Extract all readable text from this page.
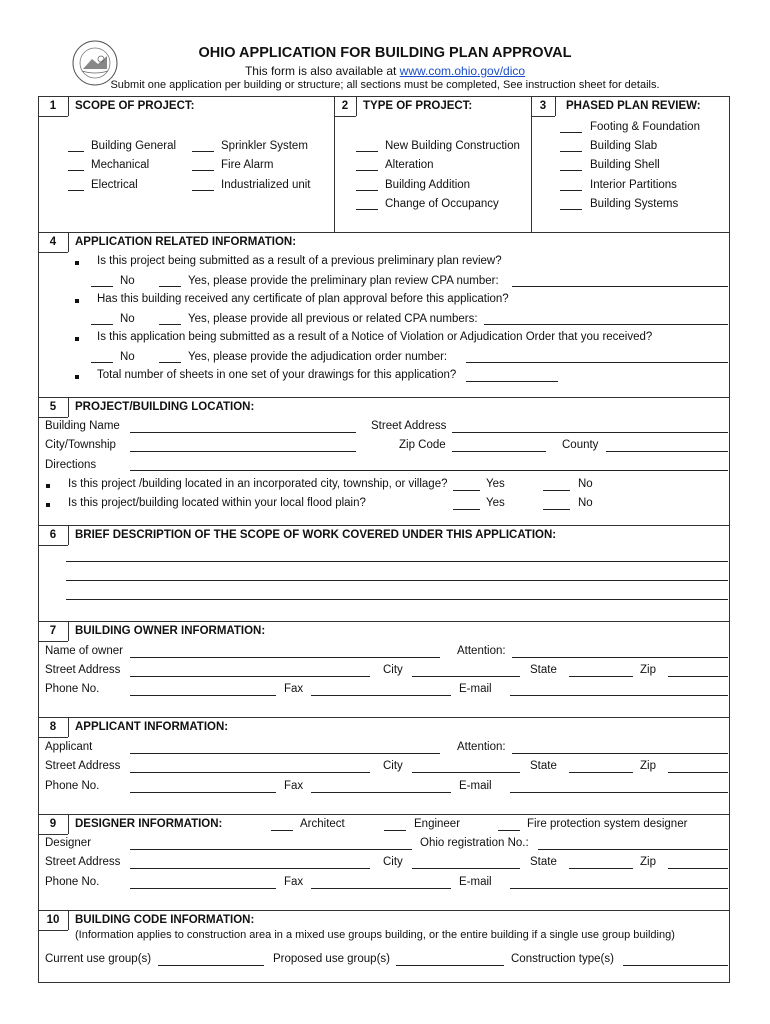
OHIO APPLICATION FOR BUILDING PLAN APPROVAL
This form is also available at www.com.ohio.gov/dico
Submit one application per building or structure; all sections must be completed, See instruction sheet for details.
1	SCOPE OF PROJECT:	2	TYPE OF PROJECT:	3	PHASED PLAN REVIEW:
Building General
Mechanical
Electrical
Sprinkler System
Fire Alarm
Industrialized unit
New Building Construction
Alteration
Building Addition
Change of Occupancy
Footing & Foundation
Building Slab
Building Shell
Interior Partitions
Building Systems
4	APPLICATION RELATED INFORMATION:
Is this project being submitted as a result of a previous preliminary plan review?
No	Yes, please provide the preliminary plan review CPA number:
Has this building received any certificate of plan approval before this application?
No	Yes, please provide all previous or related CPA numbers:
Is this application being submitted as a result of a Notice of Violation or Adjudication Order that you received?
No	Yes, please provide the adjudication order number:
Total number of sheets in one set of your drawings for this application?
5	PROJECT/BUILDING LOCATION:
Building Name	Street Address
City/Township	Zip Code	County
Directions
Is this project /building located in an incorporated city, township, or village?	Yes	No
Is this project/building located within your local flood plain?	Yes	No
6	BRIEF DESCRIPTION OF THE SCOPE OF WORK COVERED UNDER THIS APPLICATION:
7	BUILDING OWNER INFORMATION:
Name of owner	Attention:
Street Address	City	State	Zip
Phone No.	Fax	E-mail
8	APPLICANT INFORMATION:
Applicant	Attention:
Street Address	City	State	Zip
Phone No.	Fax	E-mail
9	DESIGNER INFORMATION:	Architect	Engineer	Fire protection system designer
Designer	Ohio registration No.:
Street Address	City	State	Zip
Phone No.	Fax	E-mail
10	BUILDING CODE INFORMATION:
(Information applies to construction area in a mixed use groups building, or the entire building if a single use group building)
Current use group(s)	Proposed use group(s)	Construction type(s)
